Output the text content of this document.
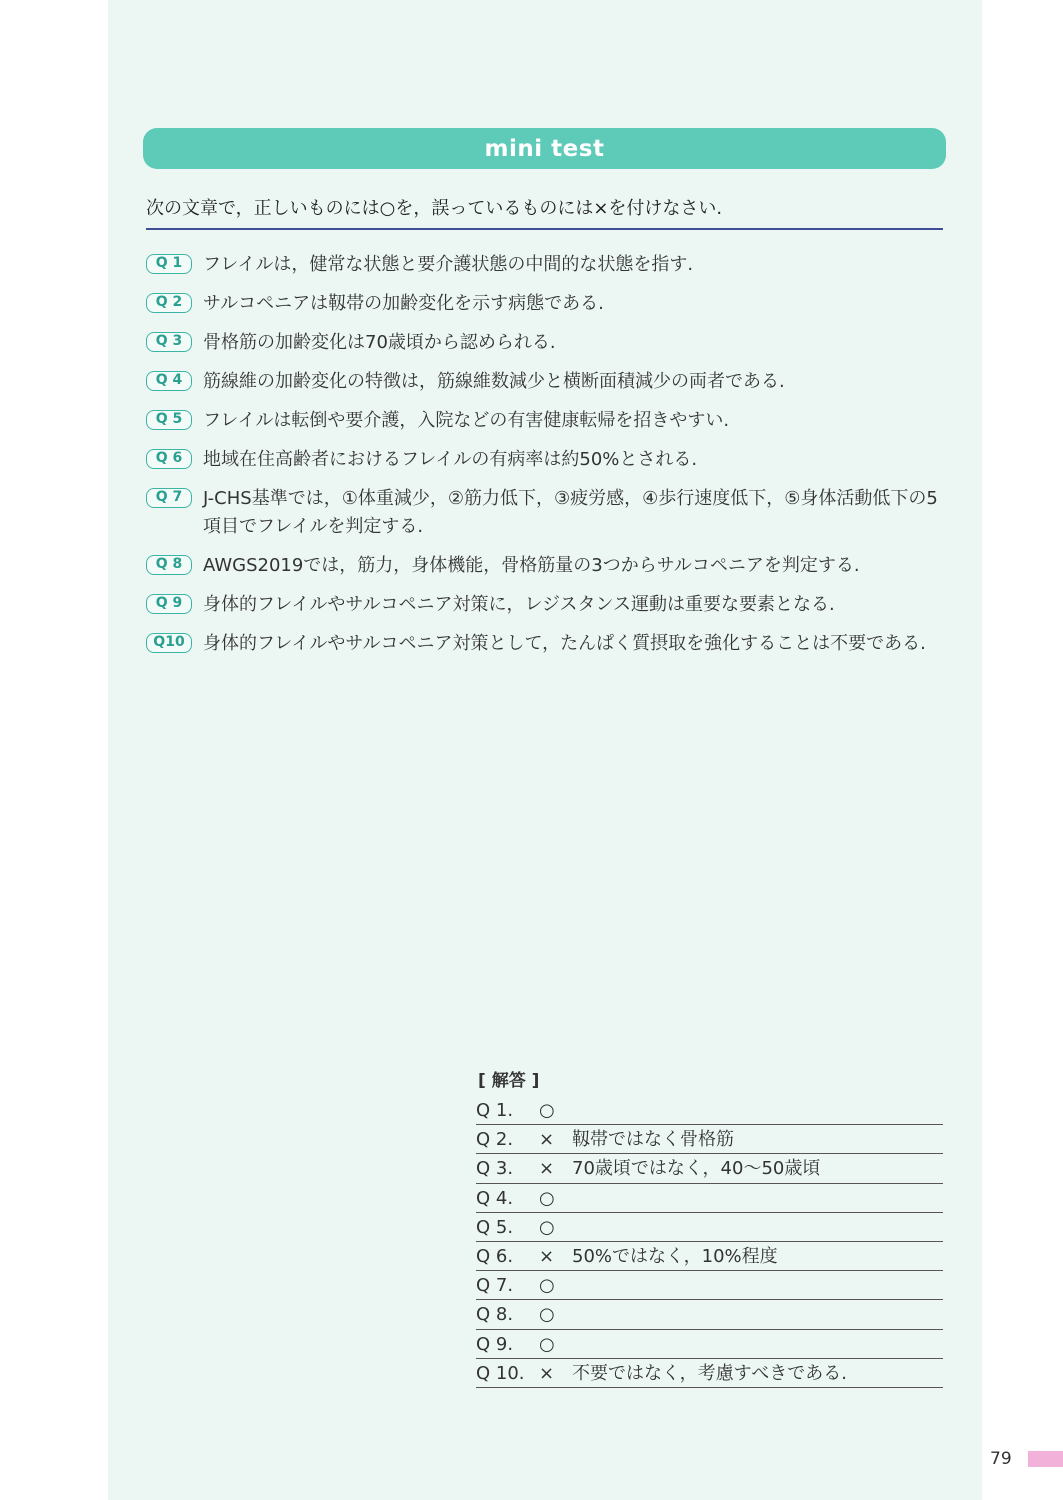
mini test
次の文章で，正しいものには○を，誤っているものには×を付けなさい.
Q 1	フレイルは，健常な状態と要介護状態の中間的な状態を指す.
Q 2	サルコペニアは靱帯の加齢変化を示す病態である.
Q 3	骨格筋の加齢変化は70歳頃から認められる.
Q 4	筋線維の加齢変化の特徴は，筋線維数減少と横断面積減少の両者である.
Q 5	フレイルは転倒や要介護，入院などの有害健康転帰を招きやすい.
Q 6	地域在住高齢者におけるフレイルの有病率は約50%とされる.
Q 7	J-CHS基準では，①体重減少，②筋力低下，③疲労感，④歩行速度低下，⑤身体活動低下の5項目でフレイルを判定する.
Q 8	AWGS2019では，筋力，身体機能，骨格筋量の3つからサルコペニアを判定する.
Q 9	身体的フレイルやサルコペニア対策に，レジスタンス運動は重要な要素となる.
Q10	身体的フレイルやサルコペニア対策として，たんぱく質摂取を強化することは不要である.
[ 解答 ]
Q 1.	○
Q 2.	× 靱帯ではなく骨格筋
Q 3.	× 70歳頃ではなく，40～50歳頃
Q 4.	○
Q 5.	○
Q 6.	× 50%ではなく，10%程度
Q 7.	○
Q 8.	○
Q 9.	○
Q 10. × 不要ではなく，考慮すべきである.
79
